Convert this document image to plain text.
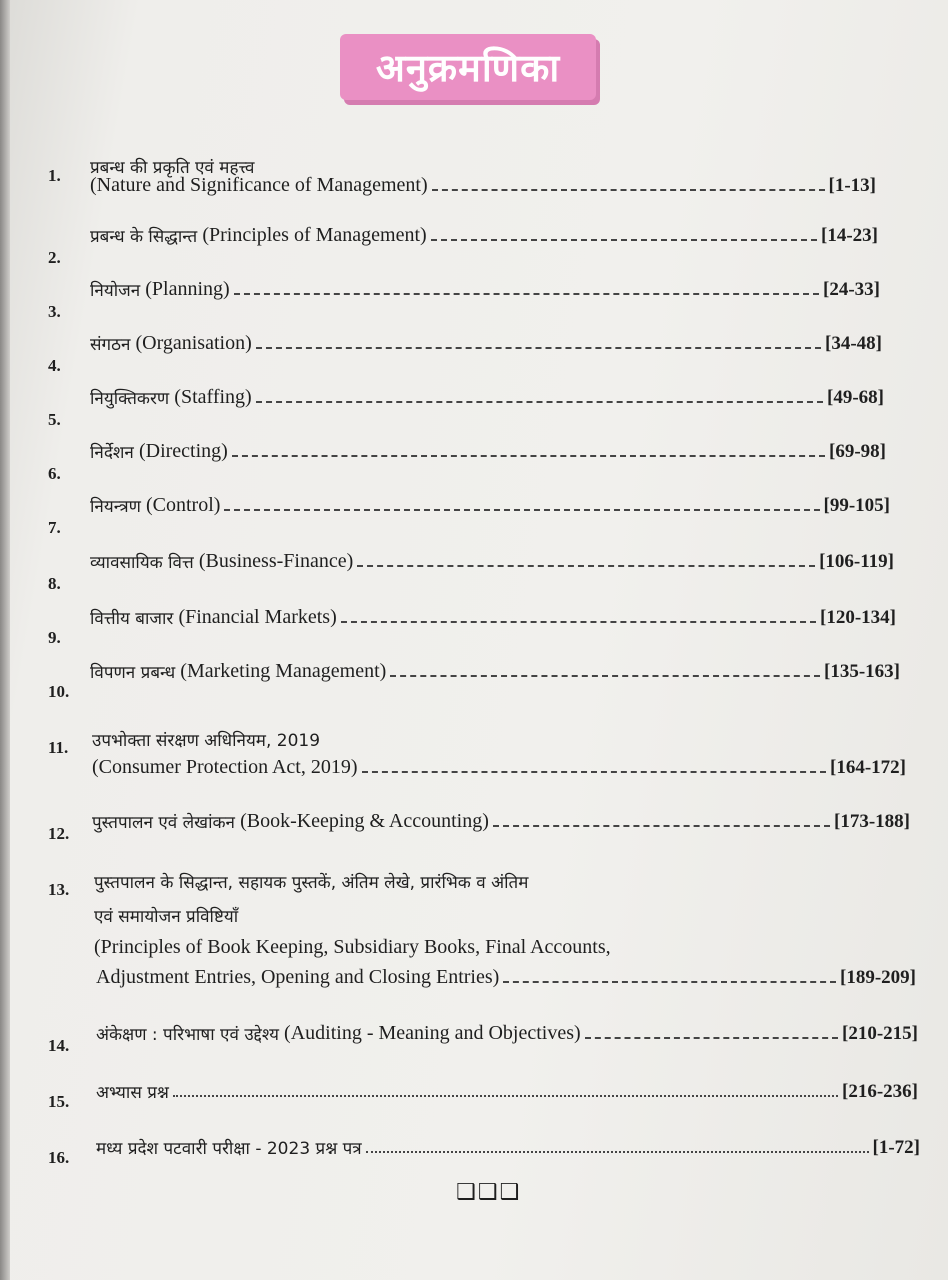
अनुक्रमणिका
1. प्रबन्ध की प्रकृति एवं महत्त्व
(Nature and Significance of Management)	[1-13]
2.
प्रबन्ध के सिद्धान्त
(Principles of Management)	[14-23]
3.
नियोजन
(Planning)	[24-33]
4.
संगठन
(Organisation)	[34-48]
5.
नियुक्तिकरण
(Staffing)	[49-68]
6.
निर्देशन
(Directing)	[69-98]
7.
नियन्त्रण
(Control)	[99-105]
8.
व्यावसायिक वित्त
(Business-Finance)	[106-119]
9.
वित्तीय बाजार
(Financial Markets)	[120-134]
10.
विपणन प्रबन्ध
(Marketing Management)	[135-163]
11. उपभोक्ता संरक्षण अधिनियम, 2019
(Consumer Protection Act, 2019)	[164-172]
12.
पुस्तपालन एवं लेखांकन
(Book-Keeping & Accounting)	[173-188]
13. पुस्तपालन के सिद्धान्त, सहायक पुस्तकें, अंतिम लेखे, प्रारंभिक व अंतिम
एवं समायोजन प्रविष्टियाँ
(Principles of Book Keeping, Subsidiary Books, Final Accounts,
Adjustment Entries, Opening and Closing Entries)	[189-209]
14.
अंकेक्षण : परिभाषा एवं उद्देश्य
(Auditing - Meaning and Objectives)	[210-215]
15. अभ्यास प्रश्न	[216-236]
16. मध्य प्रदेश पटवारी परीक्षा - 2023 प्रश्न पत्र	[1-72]
❑❑❑
